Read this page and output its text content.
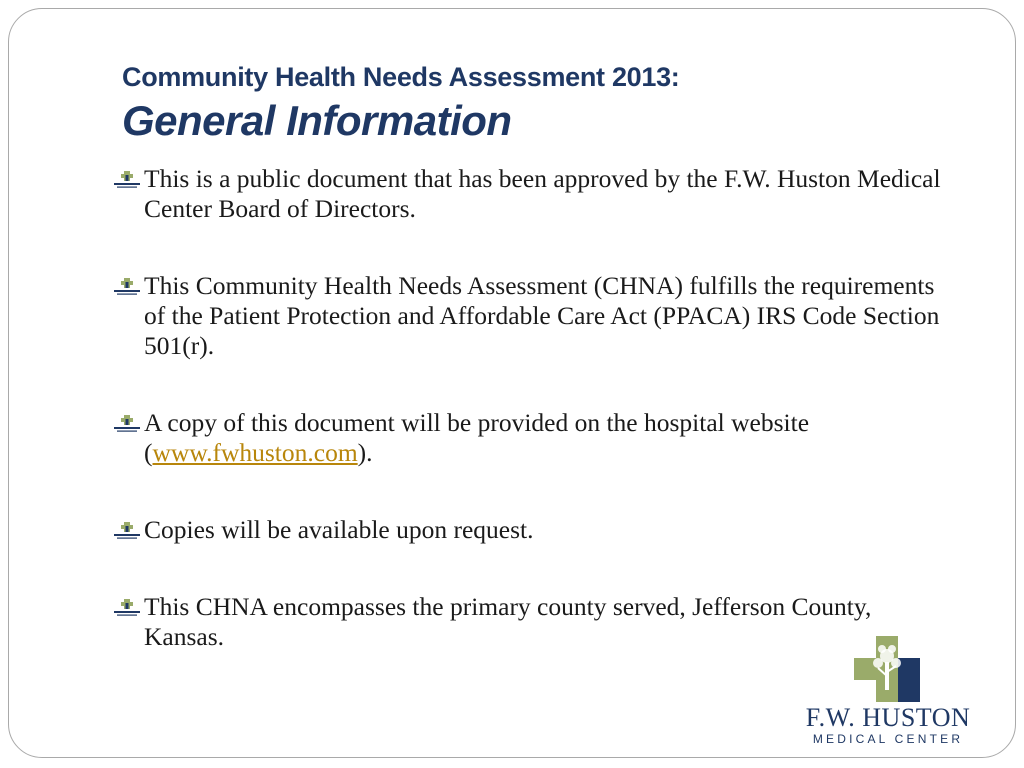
Community Health Needs Assessment 2013:
General Information
This is a public document that has been approved by the F.W. Huston Medical Center Board of Directors.
This Community Health Needs Assessment (CHNA) fulfills the requirements of the Patient Protection and Affordable Care Act (PPACA) IRS Code Section 501(r).
A copy of this document will be provided on the hospital website (www.fwhuston.com).
Copies will be available upon request.
This CHNA encompasses the primary county served, Jefferson County, Kansas.
F.W. HUSTON
MEDICAL CENTER
